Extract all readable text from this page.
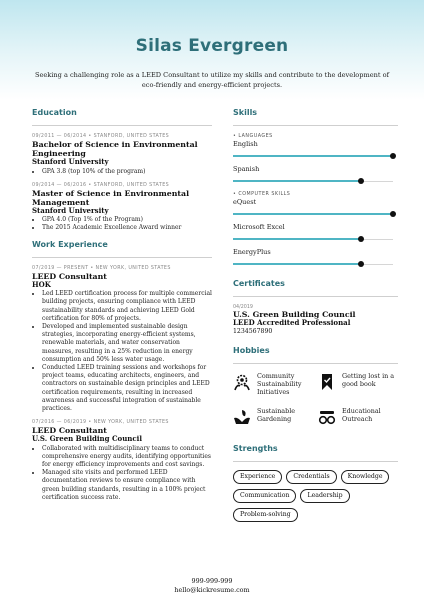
Silas Evergreen
Seeking a challenging role as a LEED Consultant to utilize my skills and contribute to the development of eco-friendly and energy-efficient projects.
Education
09/2011 — 06/2014 • STANFORD, UNITED STATES
Bachelor of Science in Environmental Engineering
Stanford University
• GPA 3.8 (top 10% of the program)
09/2014 — 06/2016 • STANFORD, UNITED STATES
Master of Science in Environmental Management
Stanford University
• GPA 4.0 (Top 1% of the Program)
• The 2015 Academic Excellence Award winner
Work Experience
07/2019 — PRESENT • NEW YORK, UNITED STATES
LEED Consultant
HOK
• Led LEED certification process for multiple commercial building projects, ensuring compliance with LEED sustainability standards and achieving LEED Gold certification for 80% of projects.
• Developed and implemented sustainable design strategies, incorporating energy-efficient systems, renewable materials, and water conservation measures, resulting in a 25% reduction in energy consumption and 50% less water usage.
• Conducted LEED training sessions and workshops for project teams, educating architects, engineers, and contractors on sustainable design principles and LEED certification requirements, resulting in increased awareness and successful integration of sustainable practices.
07/2016 — 06/2019 • NEW YORK, UNITED STATES
LEED Consultant
U.S. Green Building Council
• Collaborated with multidisciplinary teams to conduct comprehensive energy audits, identifying opportunities for energy efficiency improvements and cost savings.
• Managed site visits and performed LEED documentation reviews to ensure compliance with green building standards, resulting in a 100% project certification success rate.
Skills
• LANGUAGES
English
Spanish
• COMPUTER SKILLS
eQuest
Microsoft Excel
EnergyPlus
Certificates
04/2019
U.S. Green Building Council
LEED Accredited Professional
1234567890
Hobbies
Community Sustainability Initiatives
Getting lost in a good book
Sustainable Gardening
Educational Outreach
Strengths
Experience	Credentials	Knowledge
Communication	Leadership
Problem-solving
999-999-999
hello@kickresume.com
